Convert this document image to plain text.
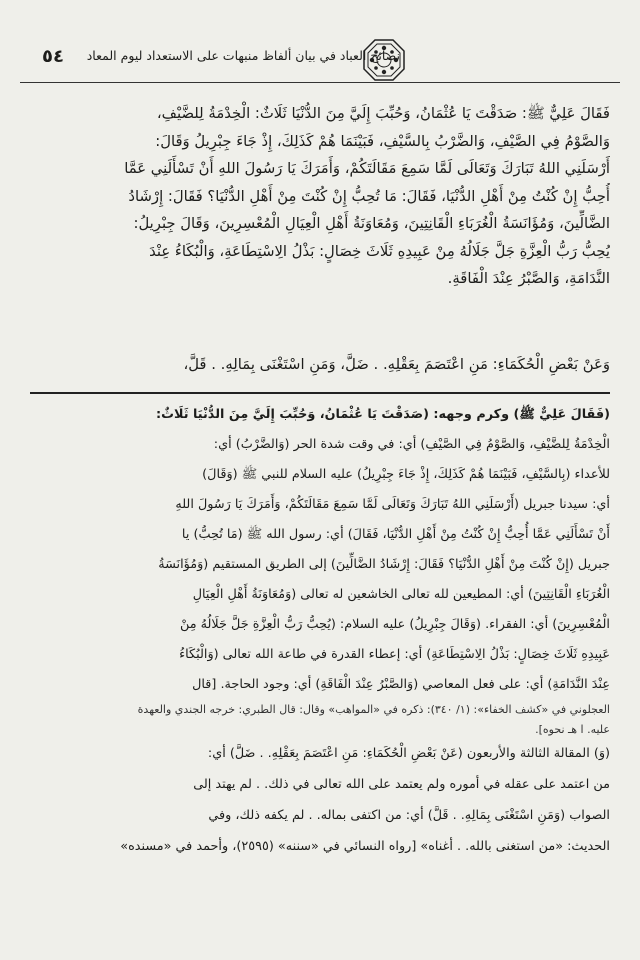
٥٤ نصائح العباد في بيان ألفاظ منبهات على الاستعداد ليوم المعاد
فَقَالَ عَلِيٌّ ﷺ: صَدَقْتَ يَا عُثْمَانُ، وَحُبِّبَ إِلَيَّ مِنَ الدُّنْيَا ثَلَاثٌ: الْخِدْمَةُ لِلضَّيْفِ،
وَالصَّوْمُ فِي الصَّيْفِ، وَالضَّرْبُ بِالسَّيْفِ، فَبَيْنَمَا هُمْ كَذَلِكَ، إِذْ جَاءَ جِبْرِيلُ وَقَالَ:
أَرْسَلَنِي اللهُ تَبَارَكَ وَتَعَالَى لَمَّا سَمِعَ مَقَالَتَكُمْ، وَأَمَرَكَ يَا رَسُولَ اللهِ أَنْ تَسْأَلَنِي عَمَّا
أُحِبُّ إِنْ كُنْتُ مِنْ أَهْلِ الدُّنْيَا، فَقَالَ: مَا تُحِبُّ إِنْ كُنْتَ مِنْ أَهْلِ الدُّنْيَا؟ فَقَالَ: إِرْشَادُ
الضَّالِّينَ، وَمُؤَانَسَةُ الْغُرَبَاءِ الْقَانِتِينَ، وَمُعَاوَنَةُ أَهْلِ الْعِيَالِ الْمُعْسِرِينَ، وَقَالَ جِبْرِيلُ:
يُحِبُّ رَبُّ الْعِزَّةِ جَلَّ جَلَالُهُ مِنْ عَبِيدِهِ ثَلَاثَ خِصَالٍ: بَذْلُ الِاسْتِطَاعَةِ، وَالْبُكَاءُ عِنْدَ
النَّدَامَةِ، وَالصَّبْرُ عِنْدَ الْفَاقَةِ.
وَعَنْ بَعْضِ الْحُكَمَاءِ: مَنِ اعْتَصَمَ بِعَقْلِهِ. . ضَلَّ، وَمَنِ اسْتَغْنَى بِمَالِهِ. . قَلَّ،
(فَقَالَ عَلِيٌّ ﷺ) وكرم وجهه: (صَدَقْتَ يَا عُثْمَانُ، وَحُبِّبَ إِلَيَّ مِنَ الدُّنْيَا ثَلَاثٌ:
الْخِدْمَةُ لِلضَّيْفِ، وَالصَّوْمُ فِي الصَّيْفِ) أي: في وقت شدة الحر (وَالضَّرْبُ) أي:
للأعداء (بِالسَّيْفِ، فَبَيْنَمَا هُمْ كَذَلِكَ، إِذْ جَاءَ جِبْرِيلُ) عليه السلام للنبي ﷺ (وَقَالَ)
أي: سيدنا جبريل (أَرْسَلَنِي اللهُ تَبَارَكَ وَتَعَالَى لَمَّا سَمِعَ مَقَالَتَكُمْ، وَأَمَرَكَ يَا رَسُولَ اللهِ
أَنْ تَسْأَلَنِي عَمَّا أُحِبُّ إِنْ كُنْتُ مِنْ أَهْلِ الدُّنْيَا، فَقَالَ) أي: رسول الله ﷺ (مَا تُحِبُّ) يا
جبريل (إِنْ كُنْتَ مِنْ أَهْلِ الدُّنْيَا؟ فَقَالَ: إِرْشَادُ الضَّالِّينَ) إلى الطريق المستقيم (وَمُؤَانَسَةُ
الْغُرَبَاءِ الْقَانِتِينَ) أي: المطيعين لله تعالى الخاشعين له تعالى (وَمُعَاوَنَةُ أَهْلِ الْعِيَالِ
الْمُعْسِرِينَ) أي: الفقراء. (وَقَالَ جِبْرِيلُ) عليه السلام: (يُحِبُّ رَبُّ الْعِزَّةِ جَلَّ جَلَالُهُ مِنْ
عَبِيدِهِ ثَلَاثَ خِصَالٍ: بَذْلُ الِاسْتِطَاعَةِ) أي: إعطاء القدرة في طاعة الله تعالى (وَالْبُكَاءُ
عِنْدَ النَّدَامَةِ) أي: على فعل المعاصي (وَالصَّبْرُ عِنْدَ الْفَاقَةِ) أي: وجود الحاجة. [قال
العجلوني في «كشف الخفاء»: (١/ ٣٤٠): ذكره في «المواهب» وقال: قال الطبري: خرجه الجندي والعهدة
عليه. ا هـ نحوه].
(وَ) المقالة الثالثة والأربعون (عَنْ بَعْضِ الْحُكَمَاءِ: مَنِ اعْتَصَمَ بِعَقْلِهِ. . ضَلَّ) أي:
من اعتمد على عقله في أموره ولم يعتمد على الله تعالى في ذلك. . لم يهتد إلى
الصواب (وَمَنِ اسْتَغْنَى بِمَالِهِ. . قَلَّ) أي: من اكتفى بماله. . لم يكفه ذلك، وفي
الحديث: «من استغنى بالله. . أغناه» [رواه النسائي في «سننه» (٢٥٩٥)، وأحمد في «مسنده»
